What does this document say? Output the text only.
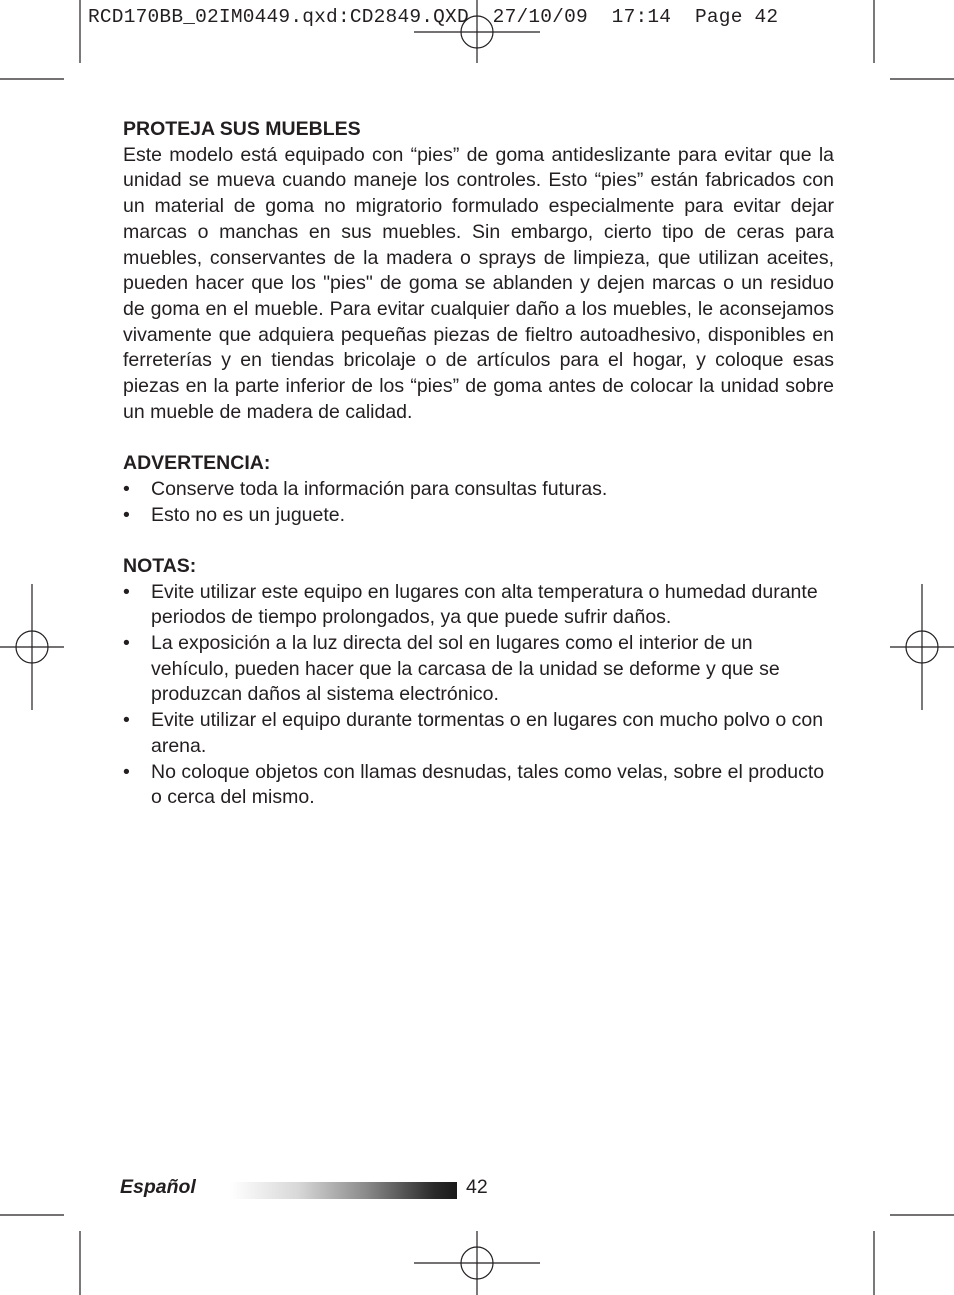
RCD170BB_02IM0449.qxd:CD2849.QXD  27/10/09  17:14  Page 42

PROTEJA SUS MUEBLES

Este modelo está equipado con “pies” de goma antideslizante para evitar que la unidad se mueva cuando maneje los controles. Esto “pies” están fabricados con un material de goma no migratorio formulado especialmente para evitar dejar marcas o manchas en sus muebles. Sin embargo, cierto tipo de ceras para muebles, conservantes de la madera o sprays de limpieza, que utilizan aceites, pueden hacer que los "pies" de goma se ablanden y dejen marcas o un residuo de goma en el mueble. Para evitar cualquier daño a los muebles, le aconsejamos vivamente que adquiera pequeñas piezas de fieltro autoadhesivo, disponibles en ferreterías y en tiendas bricolaje o de artículos para el hogar, y coloque esas piezas en la parte inferior de los “pies” de goma antes de colocar la unidad sobre un mueble de madera de calidad.

ADVERTENCIA:

• Conserve toda la información para consultas futuras.
• Esto no es un juguete.

NOTAS:

• Evite utilizar este equipo en lugares con alta temperatura o humedad durante periodos de tiempo prolongados, ya que puede sufrir daños.
• La exposición a la luz directa del sol en lugares como el interior de un vehículo, pueden hacer que la carcasa de la unidad se deforme y que se produzcan daños al sistema electrónico.
• Evite utilizar el equipo durante tormentas o en lugares con mucho polvo o con arena.
• No coloque objetos con llamas desnudas, tales como velas, sobre el producto o cerca del mismo.
Español	42
